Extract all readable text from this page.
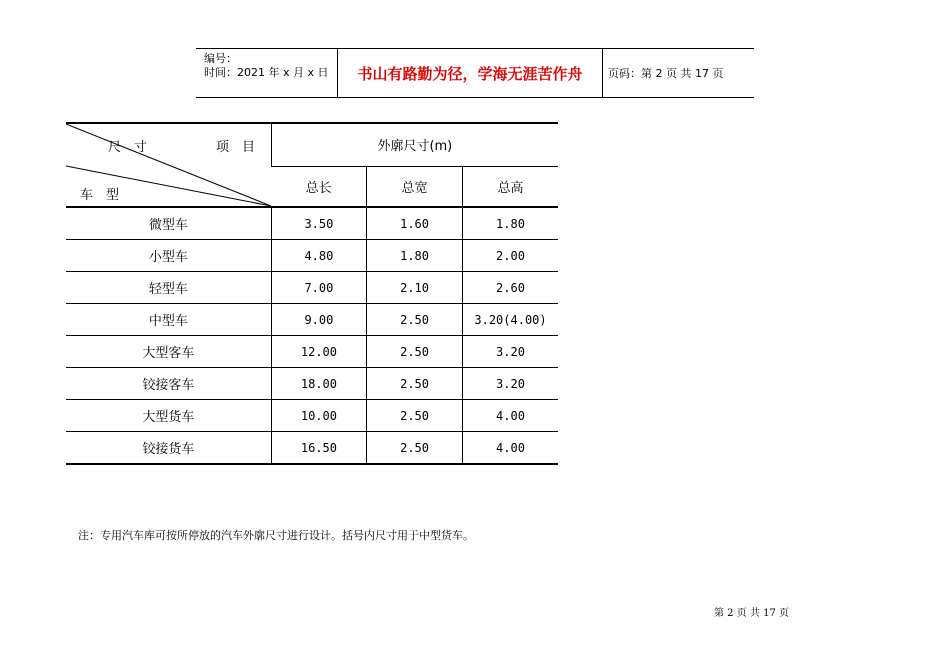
编号：
时间：2021 年 x 月 x 日	书山有路勤为径，学海无涯苦作舟	页码：第 2 页 共 17 页
尺　寸 项　目
车　型	外廓尺寸(m)		
	总长	总宽	总高
微型车	3.50	1.60	1.80
小型车	4.80	1.80	2.00
轻型车	7.00	2.10	2.60
中型车	9.00	2.50	3.20(4.00)
大型客车	12.00	2.50	3.20
铰接客车	18.00	2.50	3.20
大型货车	10.00	2.50	4.00
铰接货车	16.50	2.50	4.00
注：专用汽车库可按所停放的汽车外廓尺寸进行设计。括号内尺寸用于中型货车。
第 2 页 共 17 页
